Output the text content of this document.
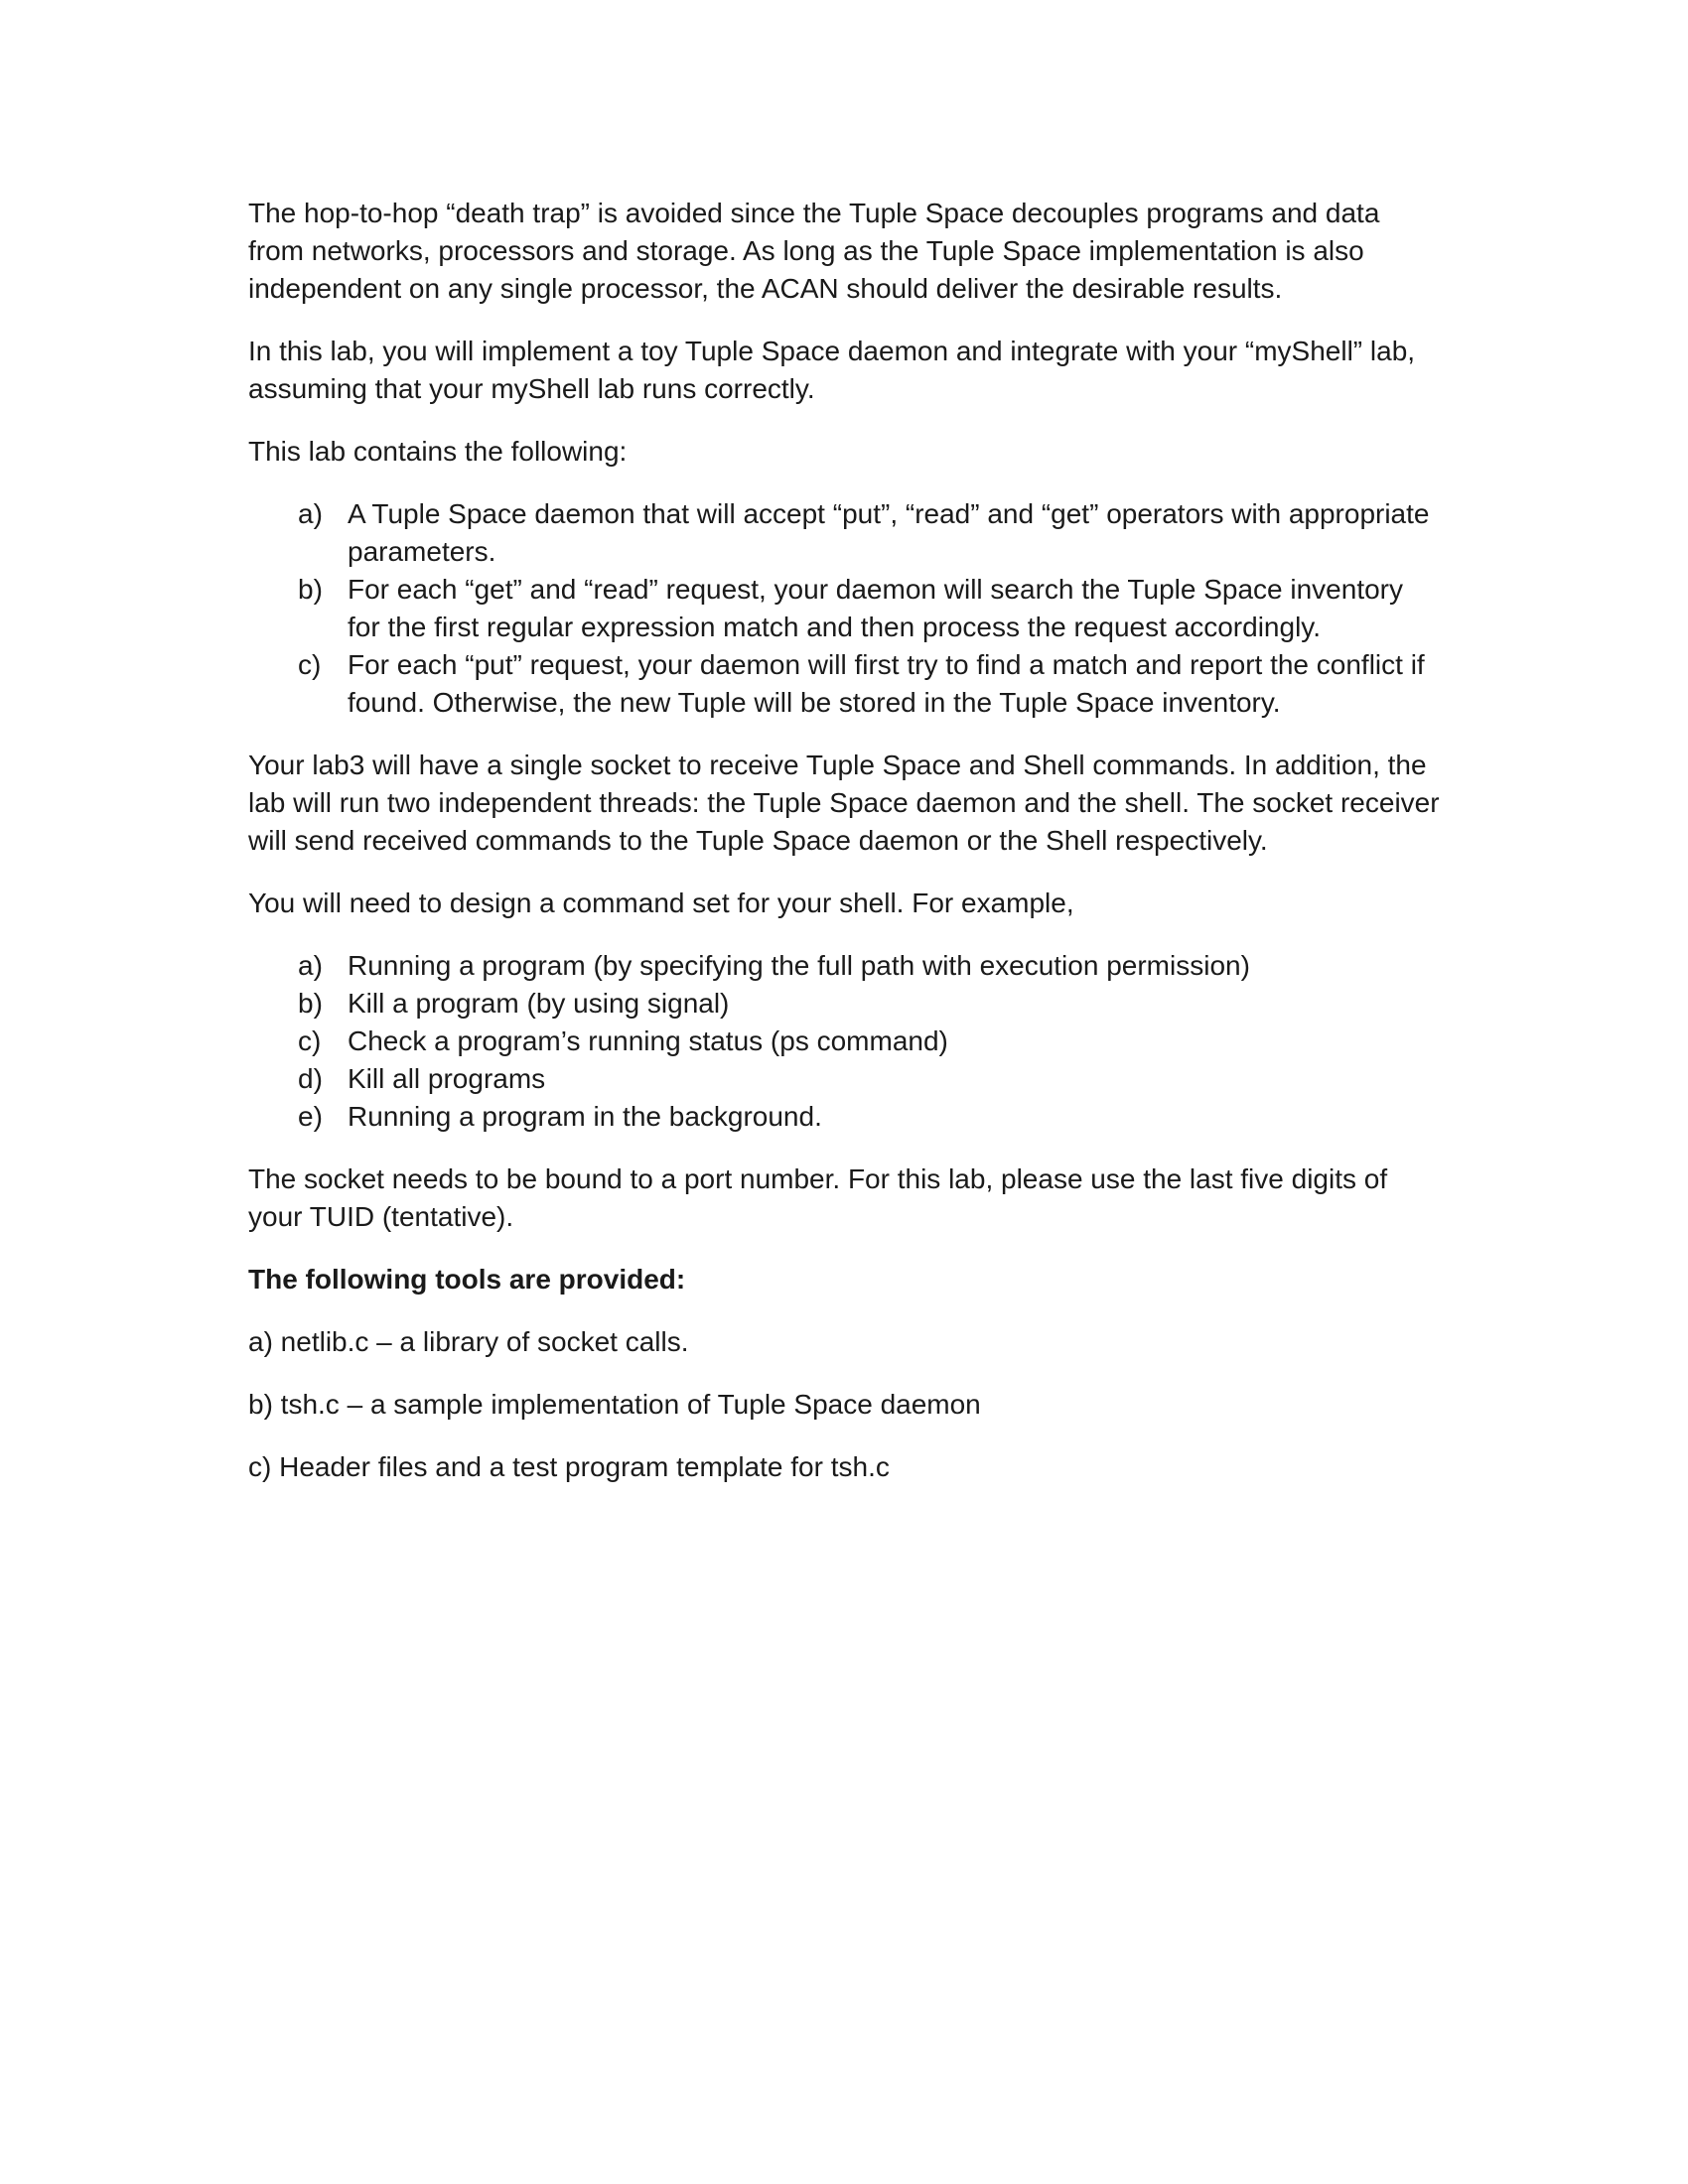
The hop-to-hop “death trap” is avoided since the Tuple Space decouples programs and data from networks, processors and storage. As long as the Tuple Space implementation is also independent on any single processor, the ACAN should deliver the desirable results.

In this lab, you will implement a toy Tuple Space daemon and integrate with your “myShell” lab, assuming that your myShell lab runs correctly.

This lab contains the following:

a) A Tuple Space daemon that will accept “put”, “read” and “get” operators with appropriate parameters.
b) For each “get” and “read” request, your daemon will search the Tuple Space inventory for the first regular expression match and then process the request accordingly.
c) For each “put” request, your daemon will first try to find a match and report the conflict if found. Otherwise, the new Tuple will be stored in the Tuple Space inventory.

Your lab3 will have a single socket to receive Tuple Space and Shell commands. In addition, the lab will run two independent threads: the Tuple Space daemon and the shell. The socket receiver will send received commands to the Tuple Space daemon or the Shell respectively.

You will need to design a command set for your shell. For example,

a) Running a program (by specifying the full path with execution permission)
b) Kill a program (by using signal)
c) Check a program’s running status (ps command)
d) Kill all programs
e) Running a program in the background.

The socket needs to be bound to a port number. For this lab, please use the last five digits of your TUID (tentative).

The following tools are provided:

a) netlib.c – a library of socket calls.

b) tsh.c – a sample implementation of Tuple Space daemon

c) Header files and a test program template for tsh.c
